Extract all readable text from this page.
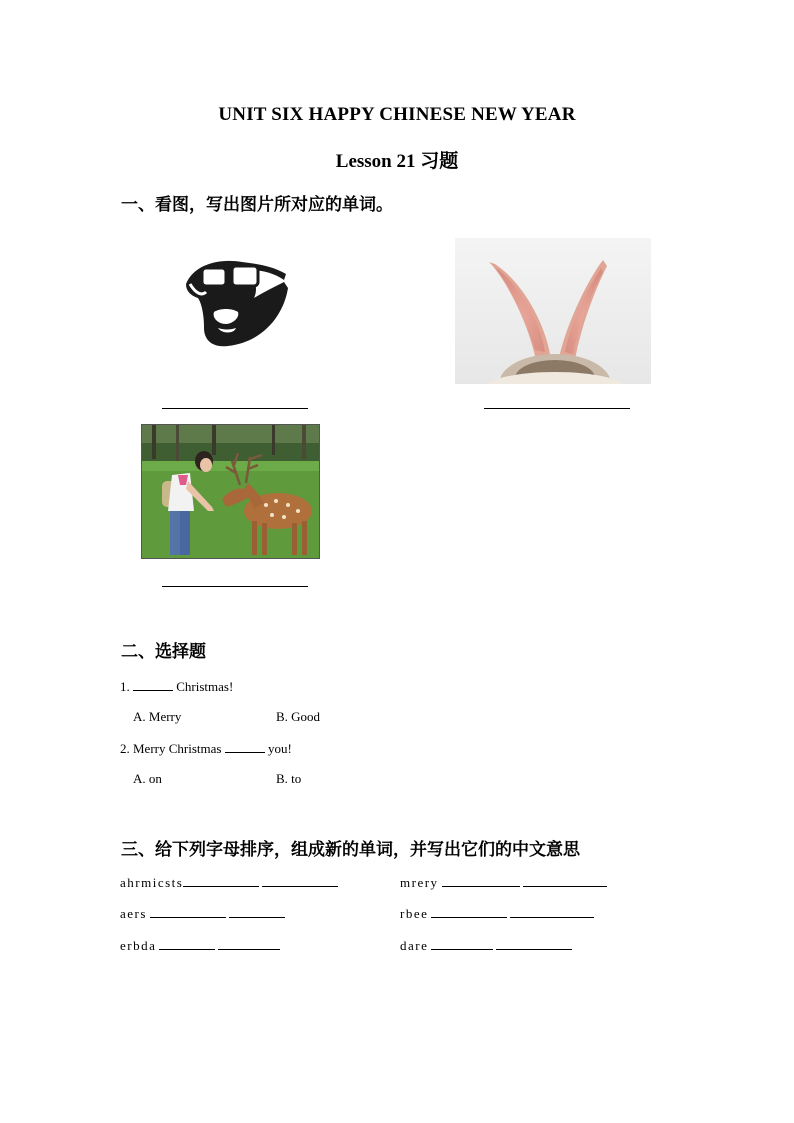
UNIT SIX HAPPY CHINESE NEW YEAR
Lesson 21 习题
一、看图，写出图片所对应的单词。
二、选择题
1.	Christmas!
A. Merry	B. Good
2. Merry Christmas	you!
A. on	B. to
三、给下列字母排序，组成新的单词，并写出它们的中文意思
ahrmicsts	mrery
aers	rbee
erbda	dare
